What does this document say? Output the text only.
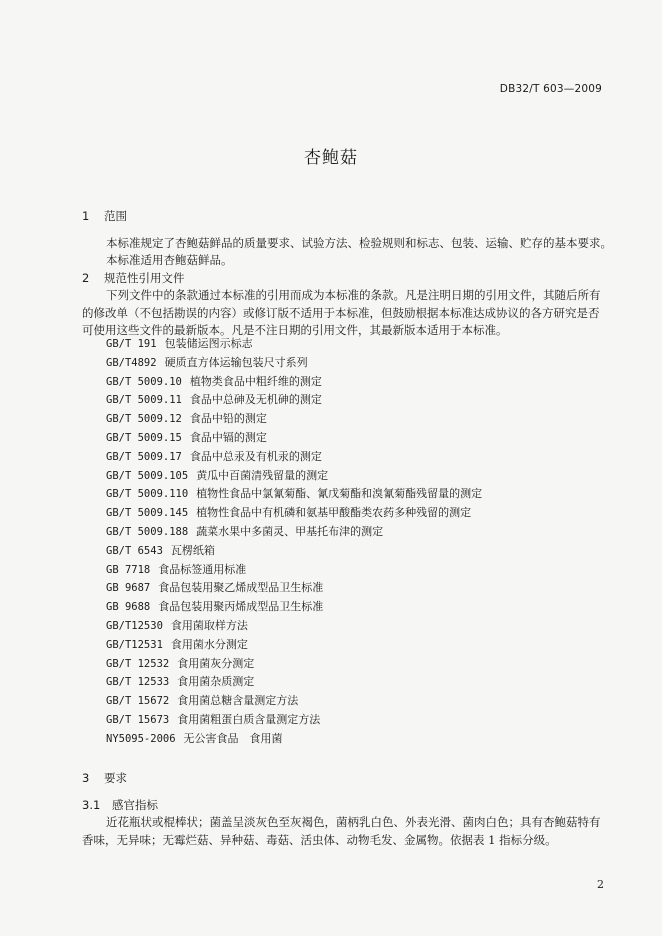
DB32/T 603—2009
杏鲍菇
1 范围
本标准规定了杏鲍菇鲜品的质量要求、试验方法、检验规则和标志、包装、运输、贮存的基本要求。
本标准适用杏鲍菇鲜品。
2 规范性引用文件
下列文件中的条款通过本标准的引用而成为本标准的条款。凡是注明日期的引用文件，其随后所有
的修改单（不包括勘误的内容）或修订版不适用于本标准，但鼓励根据本标准达成协议的各方研究是否
可使用这些文件的最新版本。凡是不注日期的引用文件，其最新版本适用于本标准。
GB/T 191 包装储运图示标志
GB/T4892 硬质直方体运输包装尺寸系列
GB/T 5009.10 植物类食品中粗纤维的测定
GB/T 5009.11 食品中总砷及无机砷的测定
GB/T 5009.12 食品中铅的测定
GB/T 5009.15 食品中镉的测定
GB/T 5009.17 食品中总汞及有机汞的测定
GB/T 5009.105 黄瓜中百菌清残留量的测定
GB/T 5009.110 植物性食品中氯氰菊酯、氰戊菊酯和溴氰菊酯残留量的测定
GB/T 5009.145 植物性食品中有机磷和氨基甲酸酯类农药多种残留的测定
GB/T 5009.188 蔬菜水果中多菌灵、甲基托布津的测定
GB/T 6543 瓦楞纸箱
GB 7718 食品标签通用标准
GB 9687 食品包装用聚乙烯成型品卫生标准
GB 9688 食品包装用聚丙烯成型品卫生标准
GB/T12530 食用菌取样方法
GB/T12531 食用菌水分测定
GB/T 12532 食用菌灰分测定
GB/T 12533 食用菌杂质测定
GB/T 15672 食用菌总糖含量测定方法
GB/T 15673 食用菌粗蛋白质含量测定方法
NY5095-2006 无公害食品　食用菌
3 要求
3.1 感官指标
近花瓶状或棍棒状；菌盖呈淡灰色至灰褐色，菌柄乳白色、外表光滑、菌肉白色；具有杏鲍菇特有
香味，无异味；无霉烂菇、异种菇、毒菇、活虫体、动物毛发、金属物。依据表 1 指标分级。
2
